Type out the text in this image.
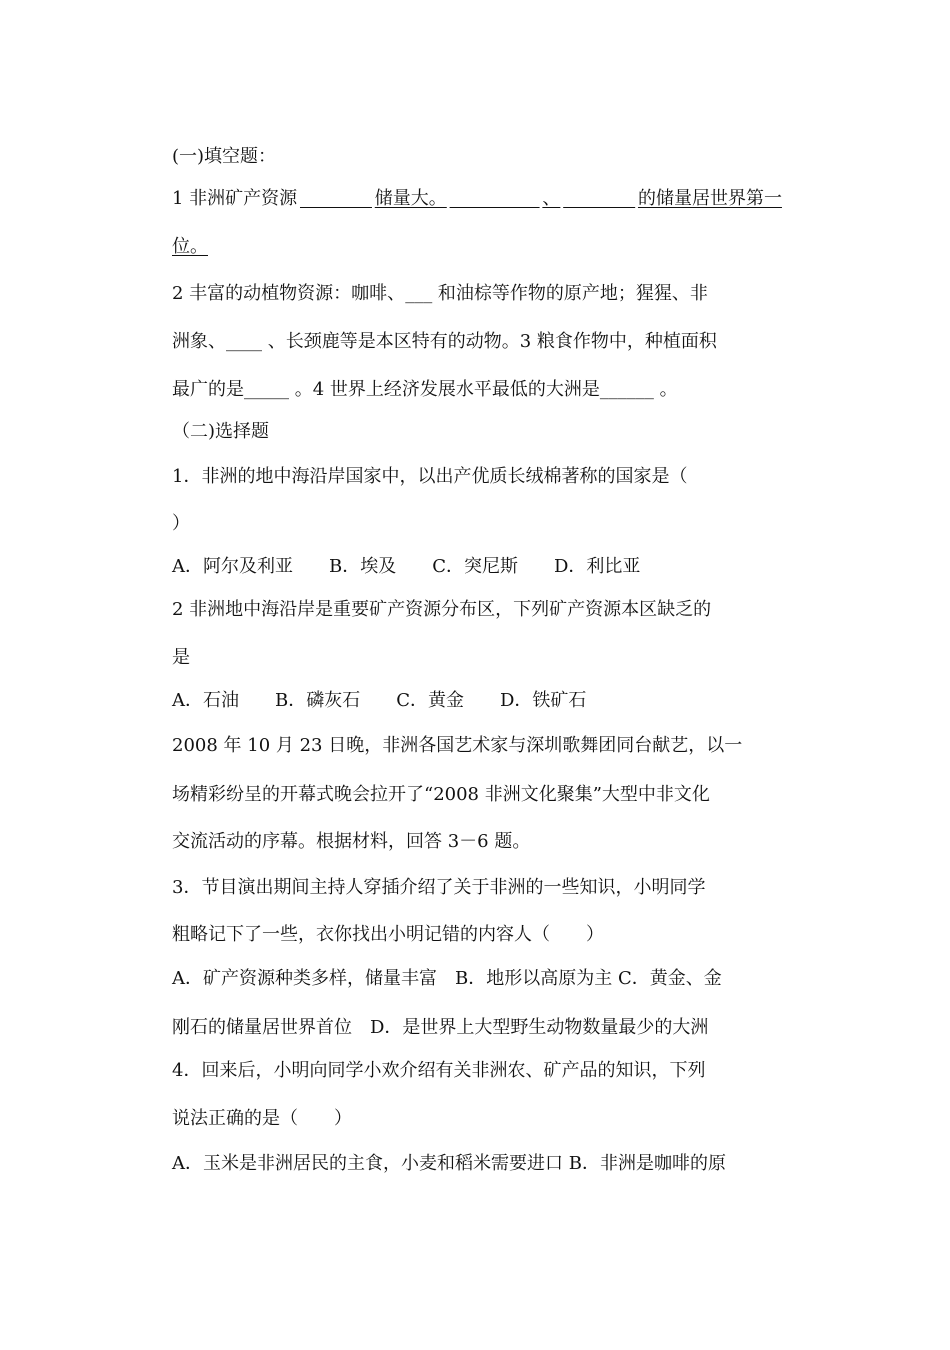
(一)填空题：
1 非洲矿产资源
　　　　	储量大。
　　　　　	、
　　　　	的储量居世界第一
位。
2 丰富的动植物资源：咖啡、___ 和油棕等作物的原产地；猩猩、非
洲象、____ 、长颈鹿等是本区特有的动物。3 粮食作物中，种植面积
最广的是_____ 。4 世界上经济发展水平最低的大洲是______ 。
（二)选择题
1．非洲的地中海沿岸国家中，以出产优质长绒棉著称的国家是（
）
A．阿尔及利亚　　B．埃及　　C．突尼斯　　D．利比亚
2 非洲地中海沿岸是重要矿产资源分布区，下列矿产资源本区缺乏的
是
A．石油　　B．磷灰石　　C．黄金　　D．铁矿石
2008 年 10 月 23 日晚，非洲各国艺术家与深圳歌舞团同台献艺，以一
场精彩纷呈的开幕式晚会拉开了“2008 非洲文化聚集”大型中非文化
交流活动的序幕。根据材料，回答 3－6 题。
3．节目演出期间主持人穿插介绍了关于非洲的一些知识，小明同学
粗略记下了一些，衣你找出小明记错的内容人（　　）
A．矿产资源种类多样，储量丰富　B．地形以高原为主 C．黄金、金
刚石的储量居世界首位　D．是世界上大型野生动物数量最少的大洲
4．回来后，小明向同学小欢介绍有关非洲农、矿产品的知识，下列
说法正确的是（　　）
A．玉米是非洲居民的主食，小麦和稻米需要进口 B．非洲是咖啡的原
